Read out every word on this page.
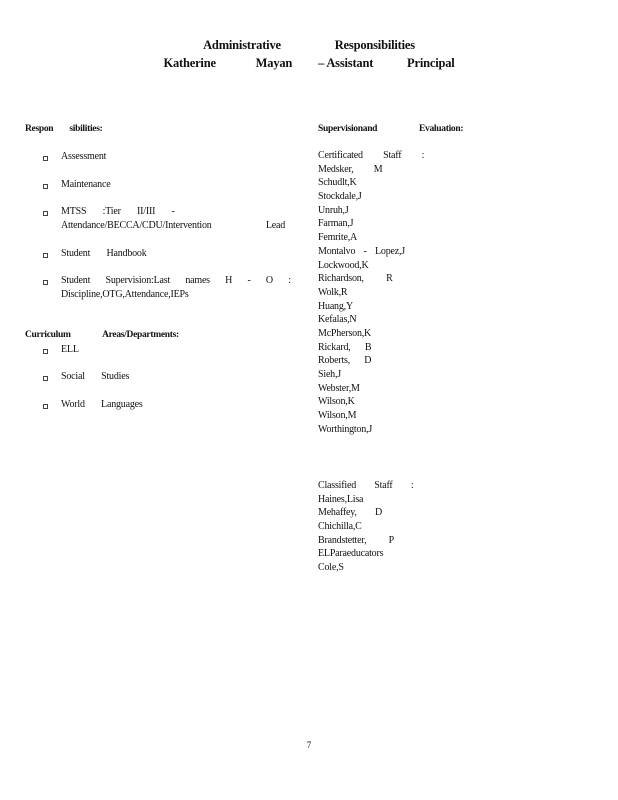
Administrative	Responsibilities
Katherine	Mayan – Assistant	Principal
Respon sibilities:
Assessment
Maintenance
MTSS :Tier II/III -
Attendance/BECCA/CDU/Intervention Lead
Student Handbook
Student Supervision:Last names H - O :
Discipline,OTG,Attendance,IEPs
Curriculum Areas/Departments:
ELL
Social Studies
World Languages
Supervisionand	Evaluation:
Certificated Staff :
Medsker, M
Schudlt,K
Stockdale,J
Unruh,J
Farman,J
Femrite,A
Montalvo - Lopez,J
Lockwood,K
Richardson, R
Wolk,R
Huang,Y
Kefalas,N
McPherson,K
Rickard, B
Roberts, D
Sieh,J
Webster,M
Wilson,K
Wilson,M
Worthington,J
Classified Staff :
Haines,Lisa
Mehaffey, D
Chichilla,C
Brandstetter, P
ELParaeducators
Cole,S
7
